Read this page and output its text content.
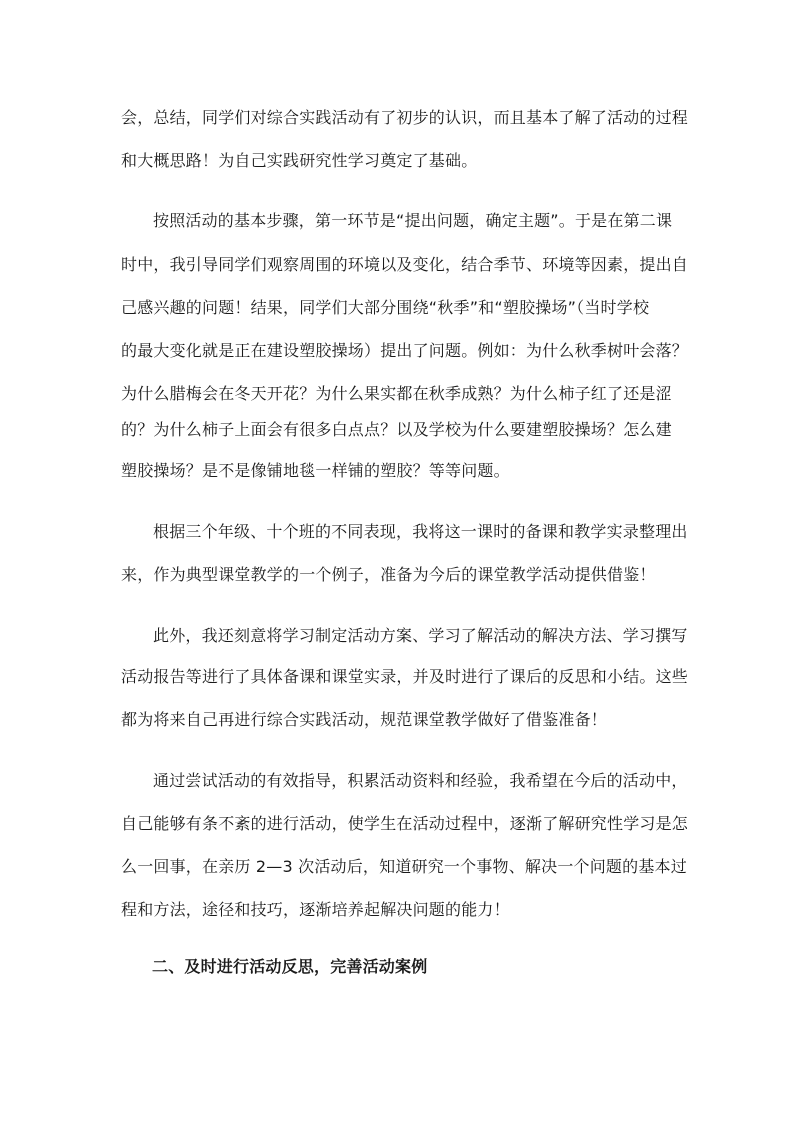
会，总结，同学们对综合实践活动有了初步的认识，而且基本了解了活动的过程
和大概思路！为自己实践研究性学习奠定了基础。
按照活动的基本步骤，第一环节是“提出问题，确定主题”。于是在第二课
时中，我引导同学们观察周围的环境以及变化，结合季节、环境等因素，提出自
己感兴趣的问题！结果，同学们大部分围绕“秋季”和“塑胶操场”（当时学校
的最大变化就是正在建设塑胶操场）提出了问题。例如：为什么秋季树叶会落？
为什么腊梅会在冬天开花？为什么果实都在秋季成熟？为什么柿子红了还是涩
的？为什么柿子上面会有很多白点点？以及学校为什么要建塑胶操场？怎么建
塑胶操场？是不是像铺地毯一样铺的塑胶？等等问题。
根据三个年级、十个班的不同表现，我将这一课时的备课和教学实录整理出
来，作为典型课堂教学的一个例子，准备为今后的课堂教学活动提供借鉴！
此外，我还刻意将学习制定活动方案、学习了解活动的解决方法、学习撰写
活动报告等进行了具体备课和课堂实录，并及时进行了课后的反思和小结。这些
都为将来自己再进行综合实践活动，规范课堂教学做好了借鉴准备！
通过尝试活动的有效指导，积累活动资料和经验，我希望在今后的活动中，
自己能够有条不紊的进行活动，使学生在活动过程中，逐渐了解研究性学习是怎
么一回事，在亲历 2—3 次活动后，知道研究一个事物、解决一个问题的基本过
程和方法，途径和技巧，逐渐培养起解决问题的能力！
二、及时进行活动反思，完善活动案例
